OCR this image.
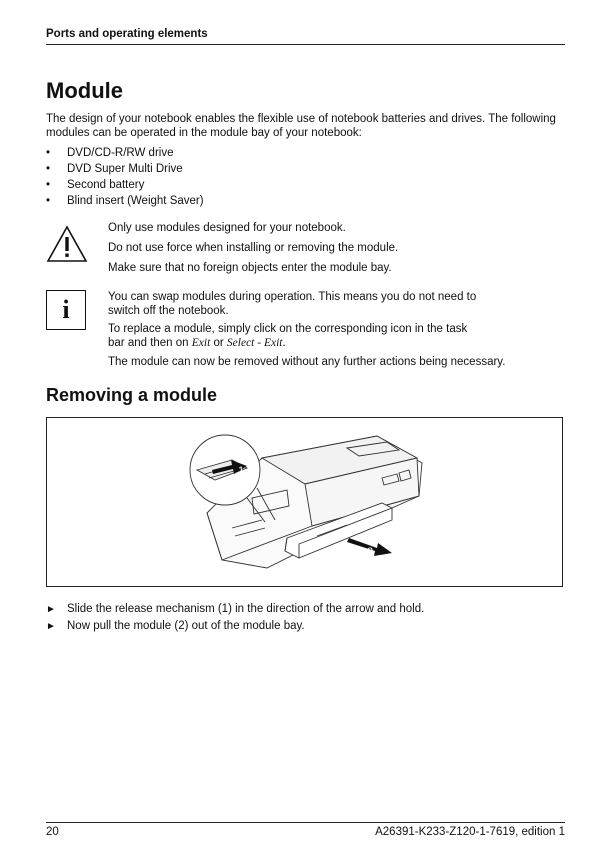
Ports and operating elements
Module
The design of your notebook enables the flexible use of notebook batteries and drives. The following modules can be operated in the module bay of your notebook:
• DVD/CD-R/RW drive
• DVD Super Multi Drive
• Second battery
• Blind insert (Weight Saver)
Only use modules designed for your notebook.
Do not use force when installing or removing the module.
Make sure that no foreign objects enter the module bay.
i	You can swap modules during operation. This means you do not need to switch off the notebook.
To replace a module, simply click on the corresponding icon in the task bar and then on Exit or Select - Exit.
The module can now be removed without any further actions being necessary.
Removing a module
1
2
► Slide the release mechanism (1) in the direction of the arrow and hold.
► Now pull the module (2) out of the module bay.
20	A26391-K233-Z120-1-7619, edition 1
